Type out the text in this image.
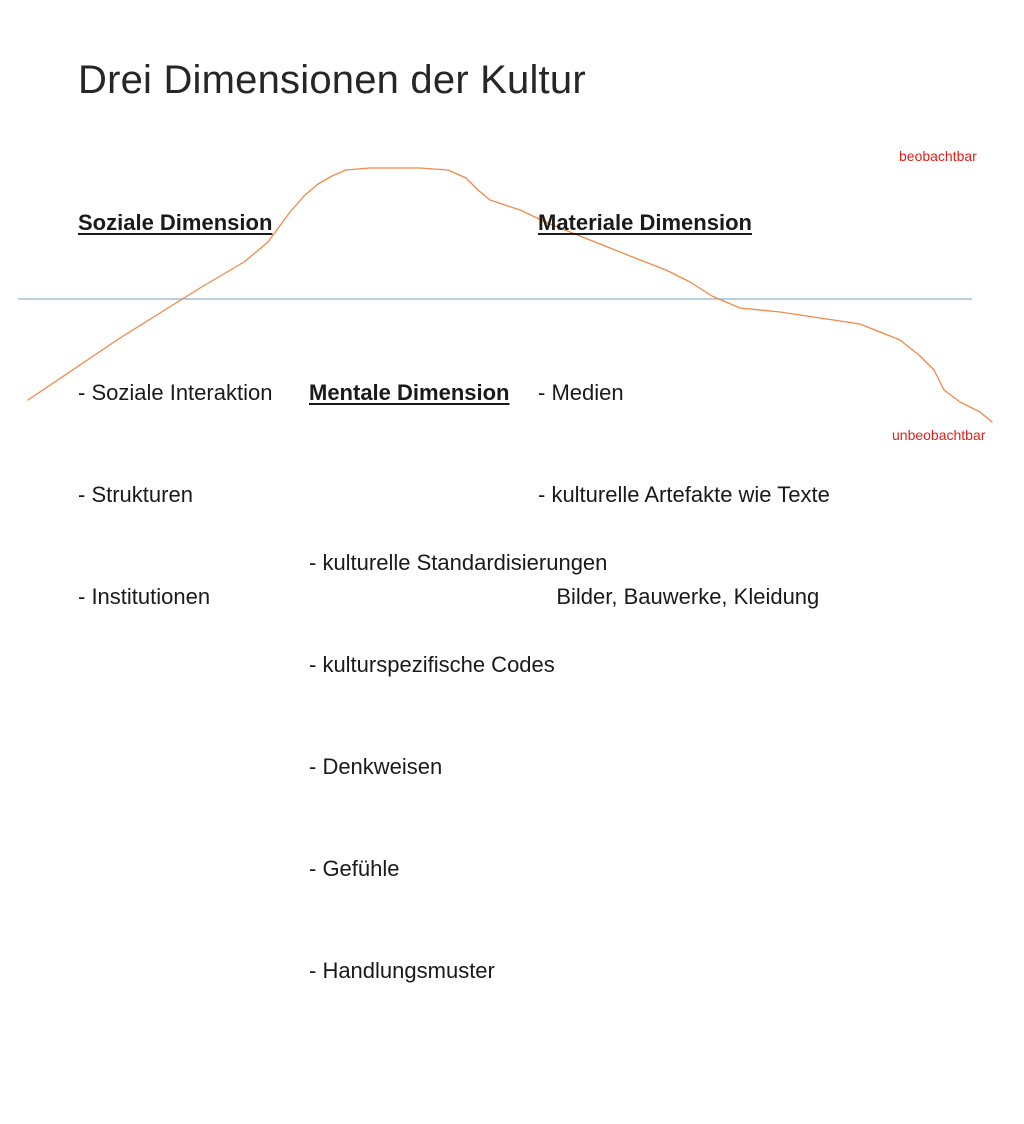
Drei Dimensionen der Kultur

Soziale Dimension

- Soziale Interaktion

- Strukturen

- Institutionen

Materiale Dimension

- Medien

- kulturelle Artefakte wie Texte

Bilder, Bauwerke, Kleidung

Mentale Dimension

- kulturelle Standardisierungen

- kulturspezifische Codes

- Denkweisen

- Gefühle

- Handlungsmuster

beobachtbar
unbeobachtbar
